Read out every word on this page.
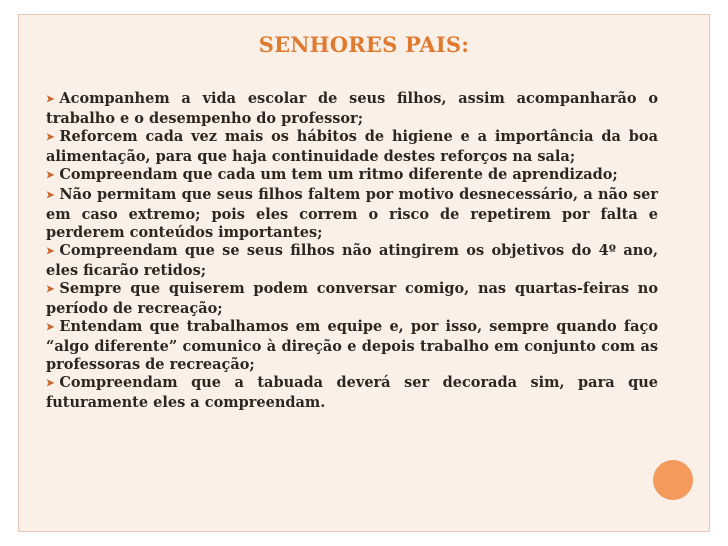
SENHORES PAIS:
➤ Acompanhem a vida escolar de seus filhos, assim acompanharão o trabalho e o desempenho do professor;
➤ Reforcem cada vez mais os hábitos de higiene e a importância da boa alimentação, para que haja continuidade destes reforços na sala;
➤ Compreendam que cada um tem um ritmo diferente de aprendizado;
➤ Não permitam que seus filhos faltem por motivo desnecessário, a não ser em caso extremo; pois eles correm o risco de repetirem por falta e perderem conteúdos importantes;
➤ Compreendam que se seus filhos não atingirem os objetivos do 4º ano, eles ficarão retidos;
➤ Sempre que quiserem podem conversar comigo, nas quartas-feiras no período de recreação;
➤ Entendam que trabalhamos em equipe e, por isso, sempre quando faço “algo diferente” comunico à direção e depois trabalho em conjunto com as professoras de recreação;
➤ Compreendam que a tabuada deverá ser decorada sim, para que futuramente eles a compreendam.
